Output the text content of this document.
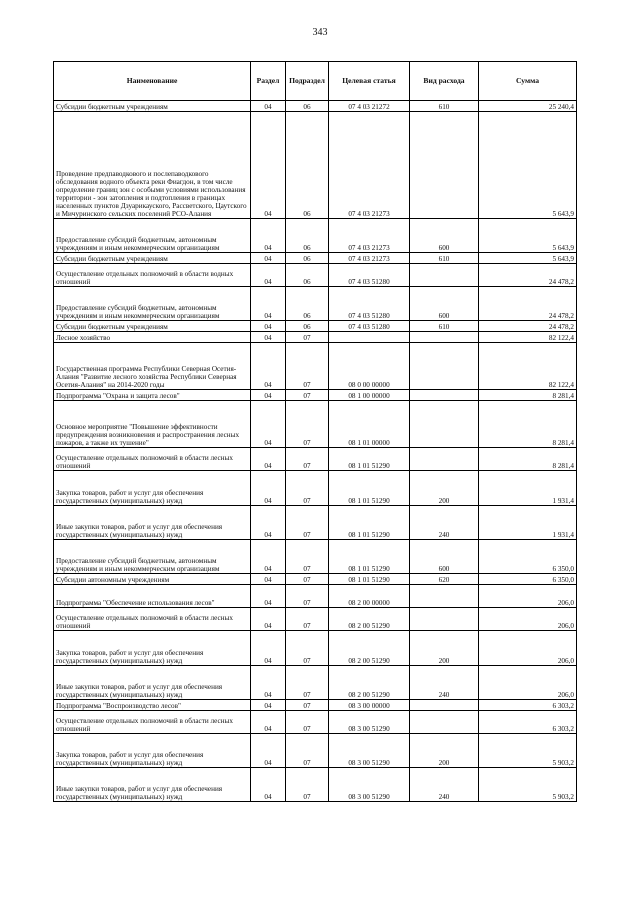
343
Наименование	Раздел	Подраздел	Целевая статья	Вид расхода	Сумма
Субсидии бюджетным учреждениям	04	06	07 4 03 21272	610	25 240,4
Проведение предпаводкового и послепаводкового обследования водного объекта реки Фиагдон, в том числе определение границ зон с особыми условиями использования территории - зон затопления и подтопления в границах населенных пунктов Дзуарикауского, Рассветского, Цаутского и Мичуринского сельских поселений РСО-Алания	04	06	07 4 03 21273		5 643,9
Предоставление субсидий бюджетным, автономным учреждениям и иным некоммерческим организациям	04	06	07 4 03 21273	600	5 643,9
Субсидии бюджетным учреждениям	04	06	07 4 03 21273	610	5 643,9
Осуществление отдельных полномочий в области водных отношений	04	06	07 4 03 51280		24 478,2
Предоставление субсидий бюджетным, автономным учреждениям и иным некоммерческим организациям	04	06	07 4 03 51280	600	24 478,2
Субсидии бюджетным учреждениям	04	06	07 4 03 51280	610	24 478,2
Лесное хозяйство	04	07			82 122,4
Государственная программа Республики Северная Осетия-Алания "Развитие лесного хозяйства Республики Северная Осетия-Алания" на 2014-2020 годы	04	07	08 0 00 00000		82 122,4
Подпрограмма "Охрана и защита лесов"	04	07	08 1 00 00000		8 281,4
Основное мероприятие "Повышение эффективности предупреждения возникновения и распространения лесных пожаров, а также их тушение"	04	07	08 1 01 00000		8 281,4
Осуществление отдельных полномочий в области лесных отношений	04	07	08 1 01 51290		8 281,4
Закупка товаров, работ и услуг для обеспечения государственных (муниципальных) нужд	04	07	08 1 01 51290	200	1 931,4
Иные закупки товаров, работ и услуг для обеспечения государственных (муниципальных) нужд	04	07	08 1 01 51290	240	1 931,4
Предоставление субсидий бюджетным, автономным учреждениям и иным некоммерческим организациям	04	07	08 1 01 51290	600	6 350,0
Субсидии автономным учреждениям	04	07	08 1 01 51290	620	6 350,0
Подпрограмма "Обеспечение использования лесов"	04	07	08 2 00 00000		206,0
Осуществление отдельных полномочий в области лесных отношений	04	07	08 2 00 51290		206,0
Закупка товаров, работ и услуг для обеспечения государственных (муниципальных) нужд	04	07	08 2 00 51290	200	206,0
Иные закупки товаров, работ и услуг для обеспечения государственных (муниципальных) нужд	04	07	08 2 00 51290	240	206,0
Подпрограмма "Воспроизводство лесов"	04	07	08 3 00 00000		6 303,2
Осуществление отдельных полномочий в области лесных отношений	04	07	08 3 00 51290		6 303,2
Закупка товаров, работ и услуг для обеспечения государственных (муниципальных) нужд	04	07	08 3 00 51290	200	5 903,2
Иные закупки товаров, работ и услуг для обеспечения государственных (муниципальных) нужд	04	07	08 3 00 51290	240	5 903,2
